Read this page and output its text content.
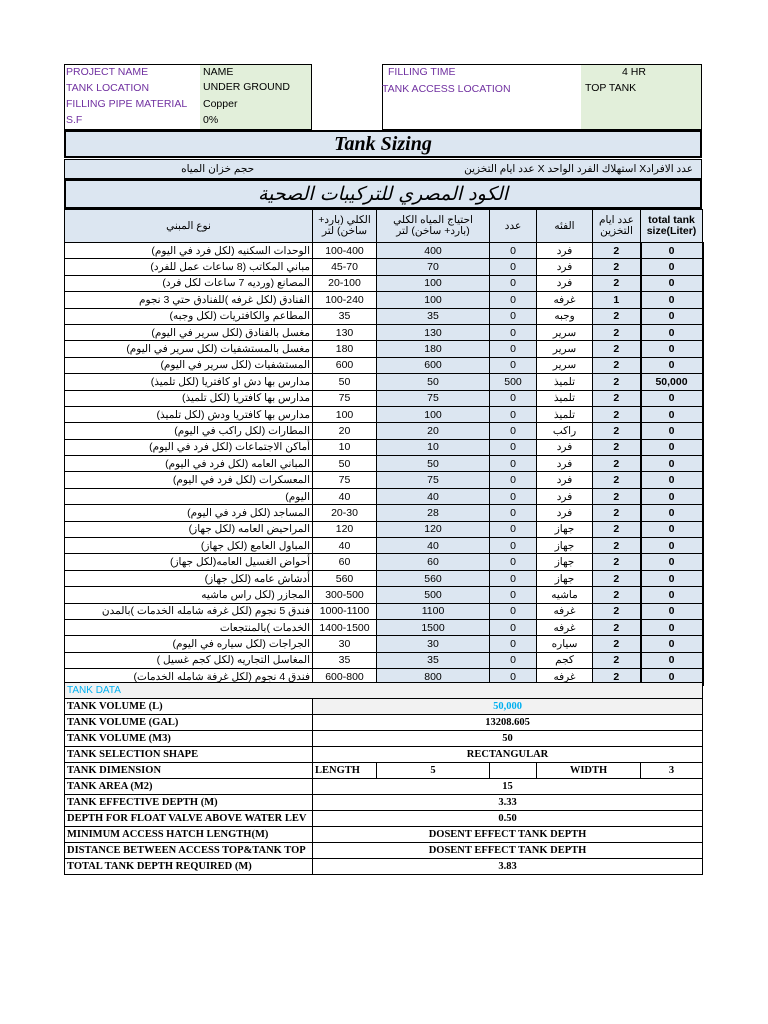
PROJECT NAME	NAME
TANK LOCATION	UNDER GROUND
FILLING PIPE MATERIAL Copper
S.F	0%
FILLING TIME	4 HR
TANK ACCESS LOCATION	TOP TANK
Tank Sizing
عدد ايام التخزين X استهلاك الفرد الواحد Xعدد الافراد
حجم خزان المياه
الكود المصري للتركيبات الصحية
نوع المبني	الكلي (بارد+ ساخن) لتر	احتياج المياه الكلي (بارد+ ساخن) لتر	عدد	الفئه	عدد ايام التخزين	total tank size(Liter)
الوحدات السكنيه (لكل فرد في اليوم)	100-400	400	0	فرد	2	0
مباني المكاتب (8 ساعات عمل للفرد)	45-70	70	0	فرد	2	0
المصانع (ورديه 7 ساعات لكل فرد)	20-100	100	0	فرد	2	0
الفنادق (لكل غرفه )للفنادق حتي 3 نجوم	100-240	100	0	غرفه	1	0
المطاعم والكافتريات (لكل وجبه)	35	35	0	وجبه	2	0
مغسل بالفنادق (لكل سرير في اليوم)	130	130	0	سرير	2	0
مغسل بالمستشفيات (لكل سرير في اليوم)	180	180	0	سرير	2	0
المستشفيات (لكل سرير في اليوم)	600	600	0	سرير	2	0
مدارس بها دش او كافتريا (لكل تلميذ)	50	50	500	تلميذ	2	50,000
مدارس بها كافتريا (لكل تلميذ)	75	75	0	تلميذ	2	0
مدارس بها كافتريا ودش (لكل تلميذ)	100	100	0	تلميذ	2	0
المطارات (لكل راكب في اليوم)	20	20	0	راكب	2	0
أماكن الاجتماعات (لكل فرد في اليوم)	10	10	0	فرد	2	0
المباني العامه (لكل فرد في اليوم)	50	50	0	فرد	2	0
المعسكرات (لكل فرد في اليوم)	75	75	0	فرد	2	0
اليوم)	40	40	0	فرد	2	0
المساجد (لكل فرد في اليوم)	20-30	28	0	فرد	2	0
المراحيض العامه (لكل جهاز)	120	120	0	جهاز	2	0
المباول العامع (لكل جهاز)	40	40	0	جهاز	2	0
أحواض الغسيل العامه(لكل جهاز)	60	60	0	جهاز	2	0
أدشاش عامه (لكل جهاز)	560	560	0	جهاز	2	0
المجازر (لكل راس ماشيه	300-500	500	0	ماشيه	2	0
فندق 5 نجوم (لكل غرفه شامله الخدمات )بالمدن	1000-1100	1100	0	غرفه	2	0
الخدمات )بالمنتجعات	1400-1500	1500	0	غرفه	2	0
الجراجات (لكل سياره في اليوم)	30	30	0	سياره	2	0
المغاسل التجاريه (لكل كجم غسيل )	35	35	0	كجم	2	0
فندق 4 نجوم (لكل غرفة شامله الخدمات)	600-800	800	0	غرفه	2	0
TANK DATA					
TANK VOLUME (L)	50,000				
TANK VOLUME (GAL)	13208.605				
TANK VOLUME (M3)	50				
TANK SELECTION SHAPE	RECTANGULAR				
TANK DIMENSION	LENGTH	5		WIDTH	3
TANK AREA (M2)	15				
TANK EFFECTIVE DEPTH (M)	3.33				
DEPTH FOR FLOAT VALVE ABOVE WATER LEV	0.50				
MINIMUM ACCESS HATCH LENGTH(M)	DOSENT EFFECT TANK DEPTH				
DISTANCE BETWEEN ACCESS TOP&TANK TOP	DOSENT EFFECT TANK DEPTH				
TOTAL TANK DEPTH REQUIRED (M)	3.83				
